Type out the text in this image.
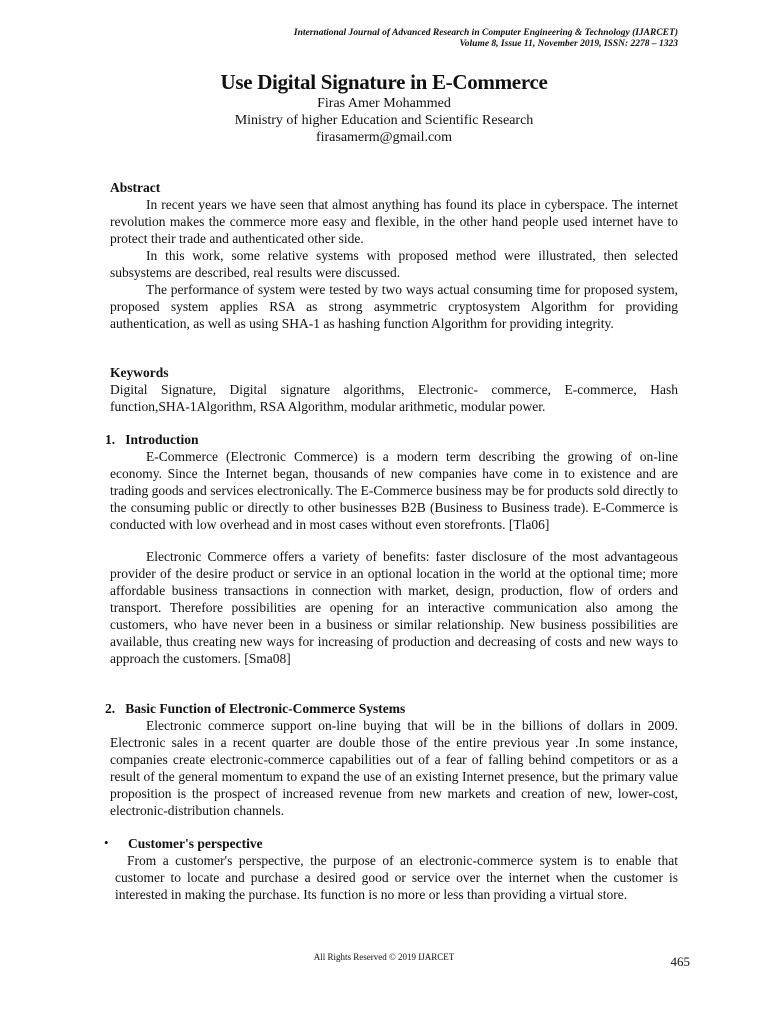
International Journal of Advanced Research in Computer Engineering & Technology (IJARCET)
Volume 8, Issue 11, November 2019, ISSN: 2278 – 1323
Use Digital Signature in E-Commerce
Firas Amer Mohammed
Ministry of higher Education and Scientific Research
firasamerm@gmail.com
Abstract
In recent years we have seen that almost anything has found its place in cyberspace. The internet revolution makes the commerce more easy and flexible, in the other hand people used internet have to protect their trade and authenticated other side.
In this work, some relative systems with proposed method were illustrated, then selected subsystems are described, real results were discussed.
The performance of system were tested by two ways actual consuming time for proposed system, proposed system applies RSA as strong asymmetric cryptosystem Algorithm for providing authentication, as well as using SHA-1 as hashing function Algorithm for providing integrity.
Keywords
Digital Signature, Digital signature algorithms, Electronic- commerce, E-commerce, Hash function,SHA-1Algorithm, RSA Algorithm, modular arithmetic, modular power.
1.   Introduction
E-Commerce (Electronic Commerce) is a modern term describing the growing of on-line economy. Since the Internet began, thousands of new companies have come in to existence and are trading goods and services electronically. The E-Commerce business may be for products sold directly to the consuming public or directly to other businesses B2B (Business to Business trade). E-Commerce is conducted with low overhead and in most cases without even storefronts. [Tla06]
Electronic Commerce offers a variety of benefits: faster disclosure of the most advantageous provider of the desire product or service in an optional location in the world at the optional time; more affordable business transactions in connection with market, design, production, flow of orders and transport. Therefore possibilities are opening for an interactive communication also among the customers, who have never been in a business or similar relationship. New business possibilities are available, thus creating new ways for increasing of production and decreasing of costs and new ways to approach the customers. [Sma08]
2.   Basic Function of Electronic-Commerce Systems
Electronic commerce support on-line buying that will be in the billions of dollars in 2009. Electronic sales in a recent quarter are double those of the entire previous year .In some instance, companies create electronic-commerce capabilities out of a fear of falling behind competitors or as a result of the general momentum to expand the use of an existing Internet presence, but the primary value proposition is the prospect of increased revenue from new markets and creation of new, lower-cost, electronic-distribution channels.
• Customer's perspective
From a customer's perspective, the purpose of an electronic-commerce system is to enable that customer to locate and purchase a desired good or service over the internet when the customer is interested in making the purchase. Its function is no more or less than providing a virtual store.
All Rights Reserved © 2019 IJARCET	465
